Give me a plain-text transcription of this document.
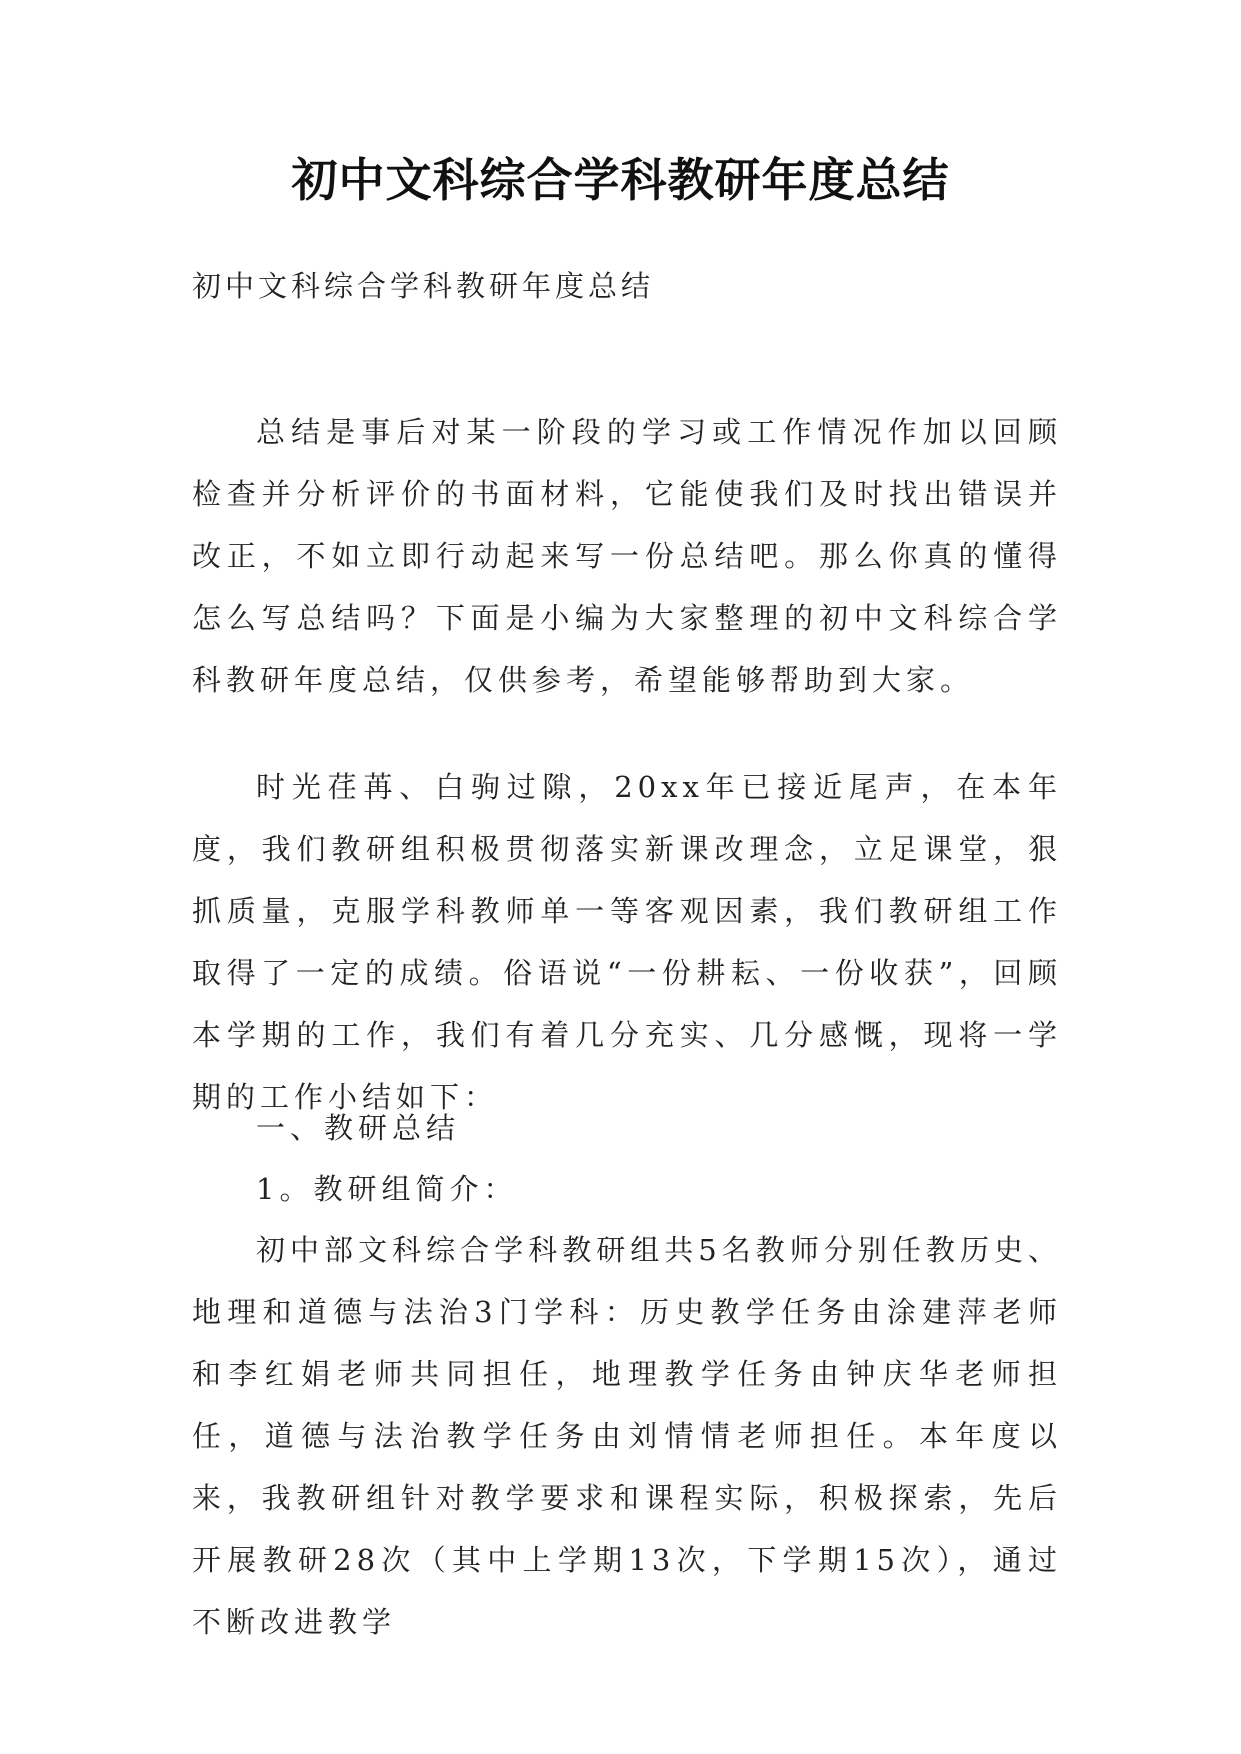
初中文科综合学科教研年度总结
初中文科综合学科教研年度总结
总结是事后对某一阶段的学习或工作情况作加以回顾检查并分析评价的书面材料，它能使我们及时找出错误并改正，不如立即行动起来写一份总结吧。那么你真的懂得怎么写总结吗？下面是小编为大家整理的初中文科综合学科教研年度总结，仅供参考，希望能够帮助到大家。
时光荏苒、白驹过隙，20xx年已接近尾声，在本年度，我们教研组积极贯彻落实新课改理念，立足课堂，狠抓质量，克服学科教师单一等客观因素，我们教研组工作取得了一定的成绩。俗语说“一份耕耘、一份收获”，回顾本学期的工作，我们有着几分充实、几分感慨，现将一学期的工作小结如下：
一、教研总结
1。教研组简介：
初中部文科综合学科教研组共5名教师分别任教历史、地理和道德与法治3门学科：历史教学任务由涂建萍老师和李红娟老师共同担任，地理教学任务由钟庆华老师担任，道德与法治教学任务由刘情情老师担任。本年度以来，我教研组针对教学要求和课程实际，积极探索，先后开展教研28次（其中上学期13次，下学期15次），通过不断改进教学
